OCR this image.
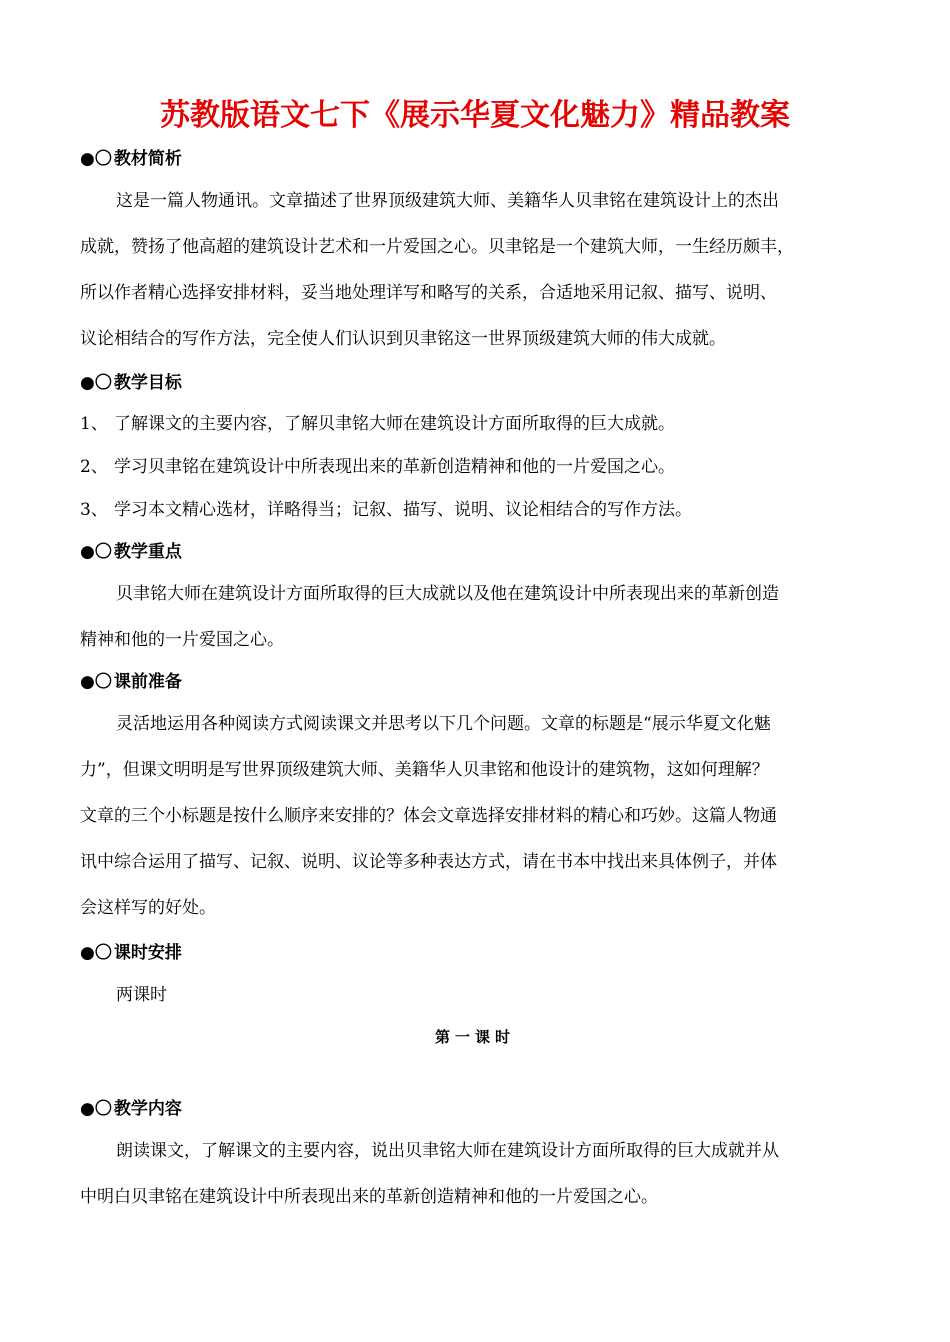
苏教版语文七下《展示华夏文化魅力》精品教案
●〇 教材简析
这是一篇人物通讯。文章描述了世界顶级建筑大师、美籍华人贝聿铭在建筑设计上的杰出
成就，赞扬了他高超的建筑设计艺术和一片爱国之心。贝聿铭是一个建筑大师，一生经历颇丰，
所以作者精心选择安排材料，妥当地处理详写和略写的关系，合适地采用记叙、描写、说明、
议论相结合的写作方法，完全使人们认识到贝聿铭这一世界顶级建筑大师的伟大成就。
●〇 教学目标
1、 了解课文的主要内容，了解贝聿铭大师在建筑设计方面所取得的巨大成就。
2、 学习贝聿铭在建筑设计中所表现出来的革新创造精神和他的一片爱国之心。
3、 学习本文精心选材，详略得当；记叙、描写、说明、议论相结合的写作方法。
●〇 教学重点
贝聿铭大师在建筑设计方面所取得的巨大成就以及他在建筑设计中所表现出来的革新创造
精神和他的一片爱国之心。
●〇 课前准备
灵活地运用各种阅读方式阅读课文并思考以下几个问题。文章的标题是“展示华夏文化魅
力”，但课文明明是写世界顶级建筑大师、美籍华人贝聿铭和他设计的建筑物，这如何理解？
文章的三个小标题是按什么顺序来安排的？体会文章选择安排材料的精心和巧妙。这篇人物通
讯中综合运用了描写、记叙、说明、议论等多种表达方式，请在书本中找出来具体例子，并体
会这样写的好处。
●〇 课时安排
两课时
第一课时
●〇 教学内容
朗读课文，了解课文的主要内容，说出贝聿铭大师在建筑设计方面所取得的巨大成就并从
中明白贝聿铭在建筑设计中所表现出来的革新创造精神和他的一片爱国之心。
